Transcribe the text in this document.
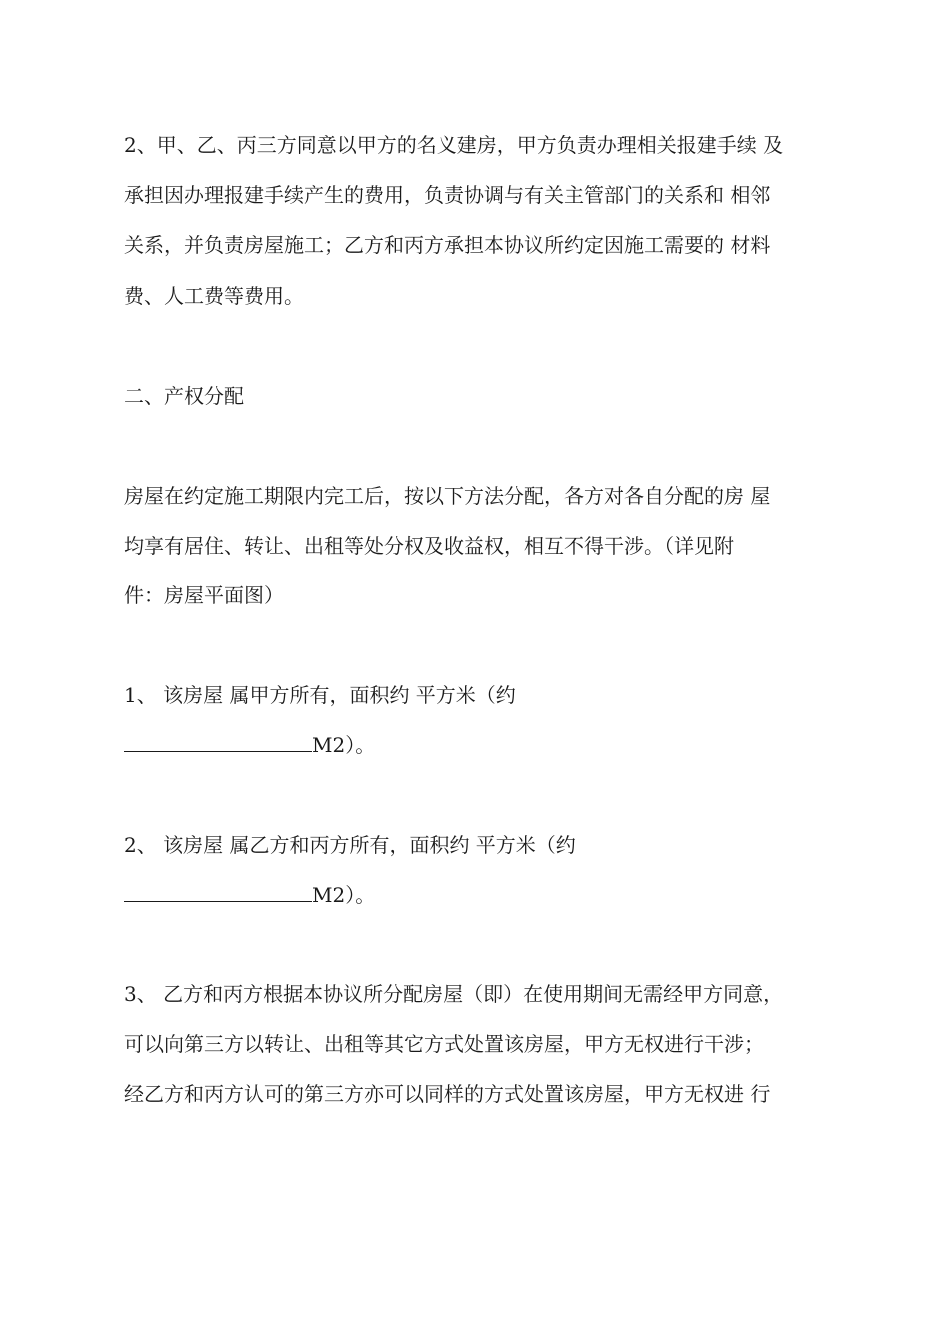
2、甲、乙、丙三方同意以甲方的名义建房，甲方负责办理相关报建手续 及
承担因办理报建手续产生的费用，负责协调与有关主管部门的关系和 相邻
关系，并负责房屋施工；乙方和丙方承担本协议所约定因施工需要的 材料
费、人工费等费用。
二、产权分配
房屋在约定施工期限内完工后，按以下方法分配，各方对各自分配的房 屋
均享有居住、转让、出租等处分权及收益权，相互不得干涉。（详见附
件：房屋平面图）
1、 该房屋 属甲方所有，面积约 平方米（约
M2）。
2、 该房屋 属乙方和丙方所有，面积约 平方米（约
M2）。
3、 乙方和丙方根据本协议所分配房屋（即）在使用期间无需经甲方同意，
可以向第三方以转让、出租等其它方式处置该房屋，甲方无权进行干涉；
经乙方和丙方认可的第三方亦可以同样的方式处置该房屋，甲方无权进 行
